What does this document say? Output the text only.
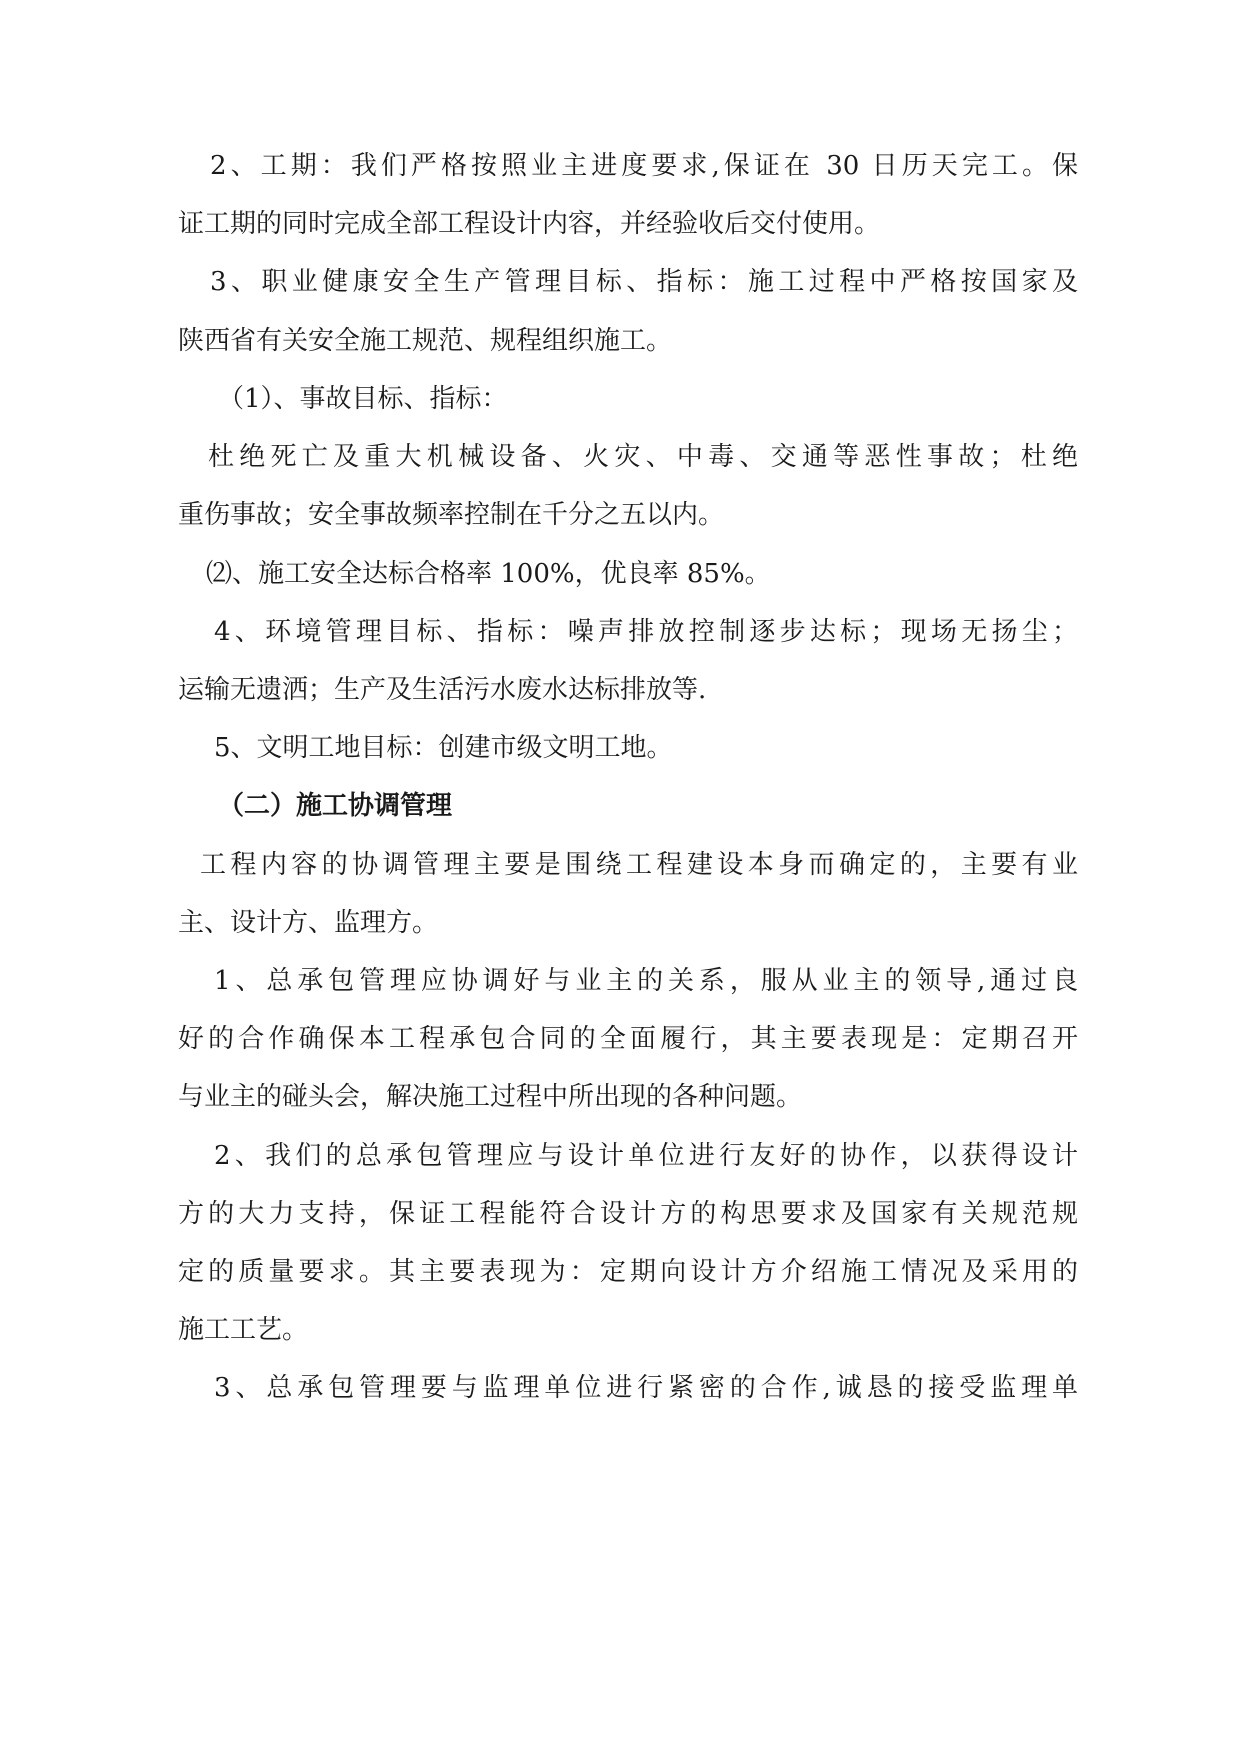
2、工期：我们严格按照业主进度要求,保证在 30 日历天完工。保
证工期的同时完成全部工程设计内容，并经验收后交付使用。
3、职业健康安全生产管理目标、指标：施工过程中严格按国家及
陕西省有关安全施工规范、规程组织施工。
（1）、事故目标、指标：
杜绝死亡及重大机械设备、火灾、中毒、交通等恶性事故；杜绝
重伤事故；安全事故频率控制在千分之五以内。
⑵、施工安全达标合格率 100%，优良率 85%。
4、环境管理目标、指标：噪声排放控制逐步达标；现场无扬尘；
运输无遗洒；生产及生活污水废水达标排放等.
5、文明工地目标：创建市级文明工地。
（二）施工协调管理
工程内容的协调管理主要是围绕工程建设本身而确定的，主要有业
主、设计方、监理方。
1、总承包管理应协调好与业主的关系，服从业主的领导,通过良
好的合作确保本工程承包合同的全面履行，其主要表现是：定期召开
与业主的碰头会，解决施工过程中所出现的各种问题。
2、我们的总承包管理应与设计单位进行友好的协作，以获得设计
方的大力支持，保证工程能符合设计方的构思要求及国家有关规范规
定的质量要求。其主要表现为：定期向设计方介绍施工情况及采用的
施工工艺。
3、总承包管理要与监理单位进行紧密的合作,诚恳的接受监理单
